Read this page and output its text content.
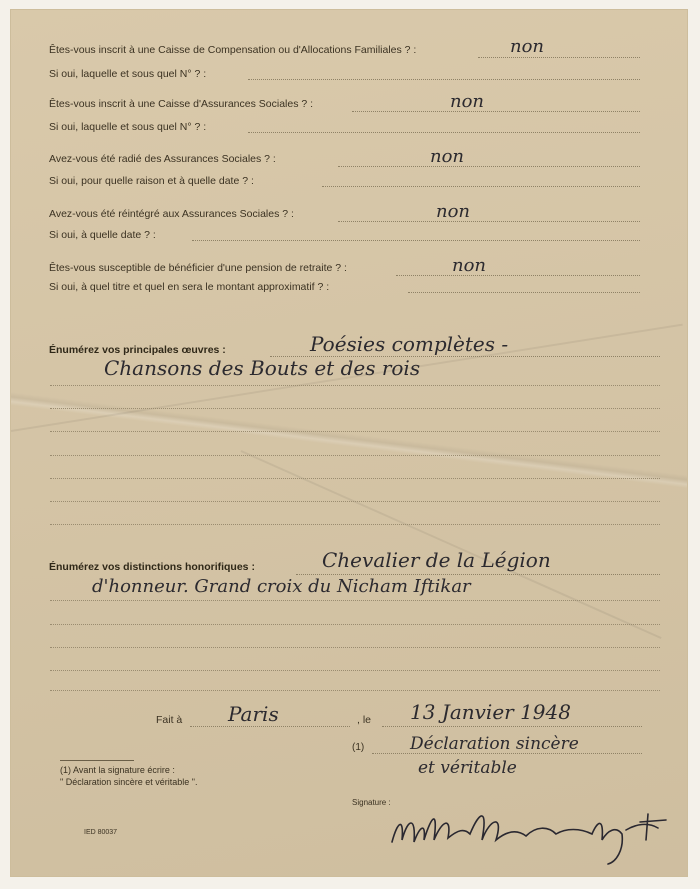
Êtes-vous inscrit à une Caisse de Compensation ou d'Allocations Familiales ? :	non
Si oui, laquelle et sous quel N° ? :
Êtes-vous inscrit à une Caisse d'Assurances Sociales ? :	non
Si oui, laquelle et sous quel N° ? :
Avez-vous été radié des Assurances Sociales ? :	non
Si oui, pour quelle raison et à quelle date ? :
Avez-vous été réintégré aux Assurances Sociales ? :	non
Si oui, à quelle date ? :
Êtes-vous susceptible de bénéficier d'une pension de retraite ? :	non
Si oui, à quel titre et quel en sera le montant approximatif ? :
Énumérez vos principales œuvres :	Poésies complètes -
Chansons des Bouts et des rois
Énumérez vos distinctions honorifiques :	Chevalier de la Légion
d'honneur. Grand croix du Nicham Iftikar
Fait à Paris	, le 13 Janvier 1948
(1)	Déclaration sincère
et véritable
(1) Avant la signature écrire :
" Déclaration sincère et véritable ".
Signature :
IED 80037
